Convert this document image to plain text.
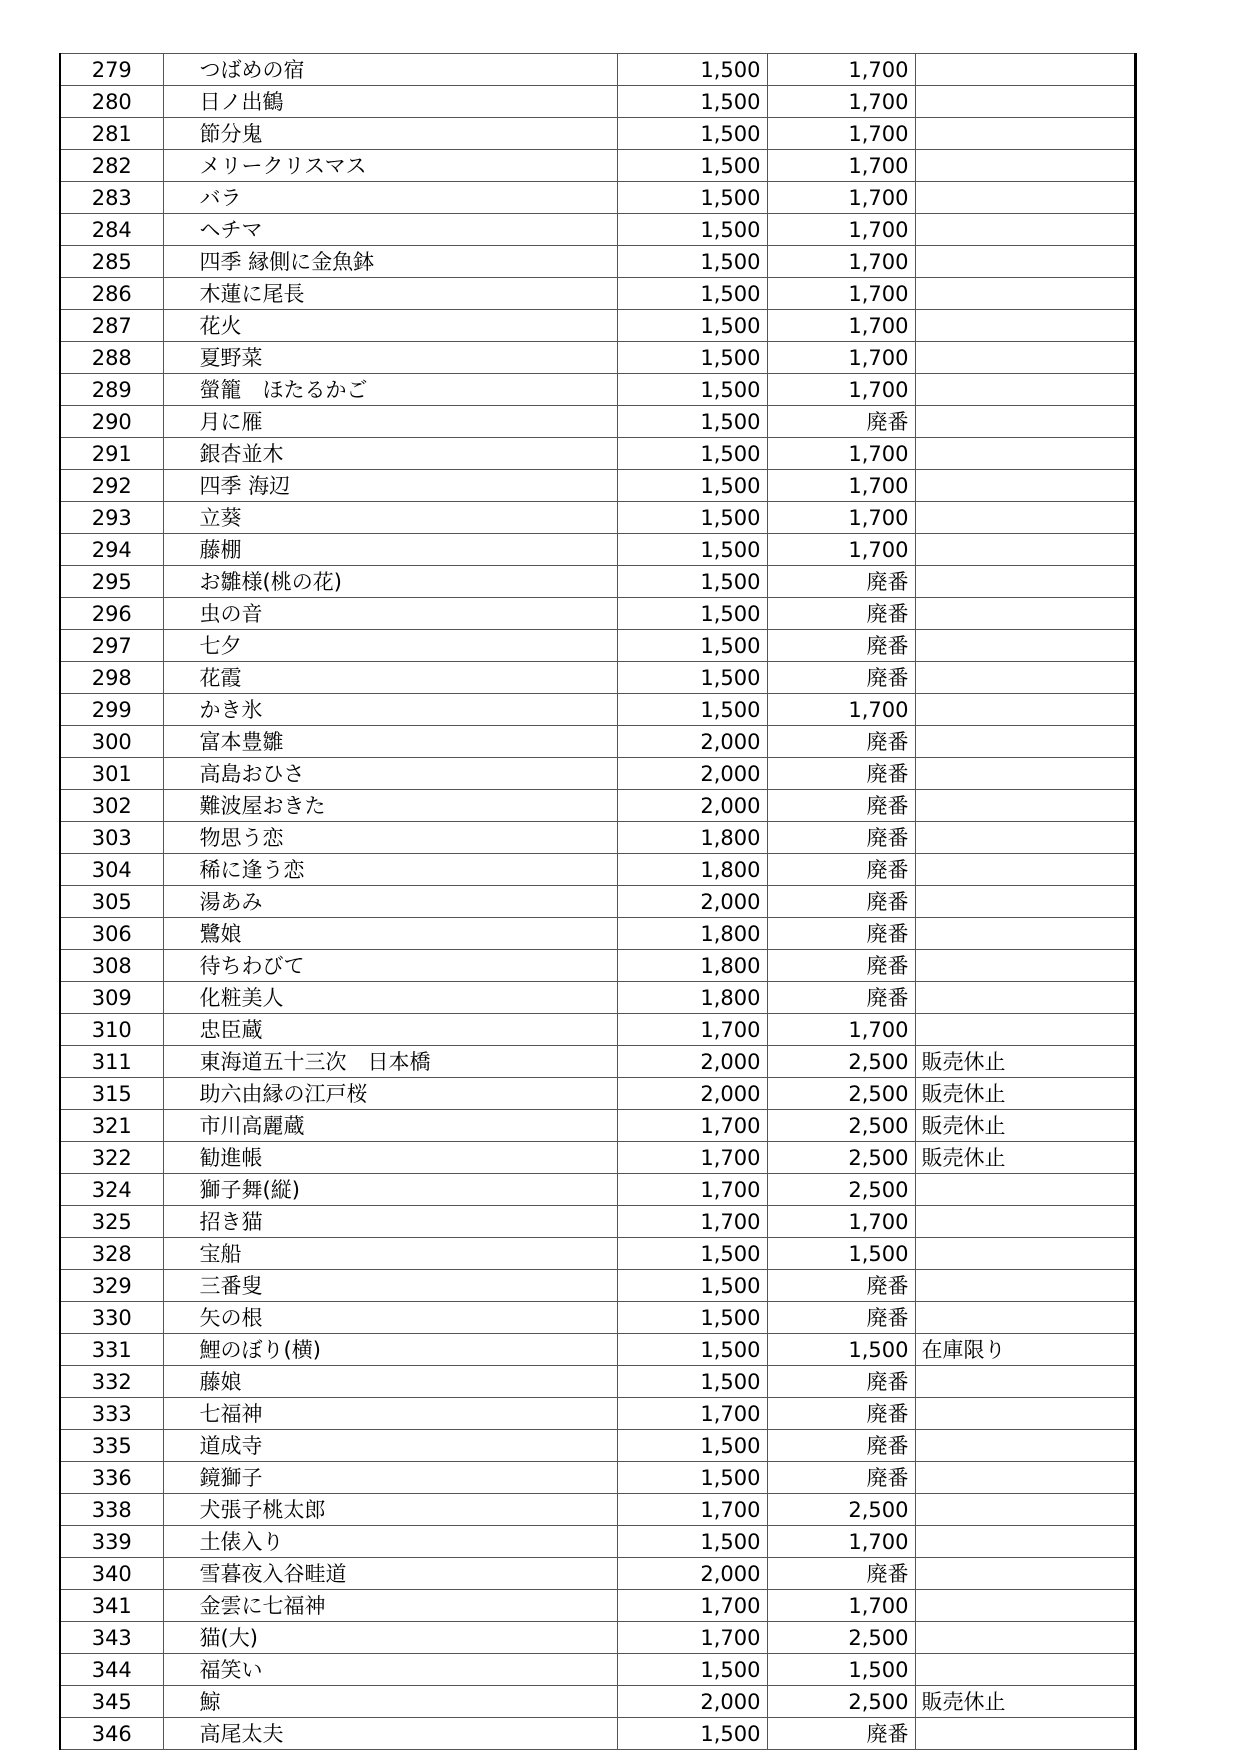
279	つばめの宿	1,500	1,700	
280	日ノ出鶴	1,500	1,700	
281	節分鬼	1,500	1,700	
282	メリークリスマス	1,500	1,700	
283	バラ	1,500	1,700	
284	ヘチマ	1,500	1,700	
285	四季 縁側に金魚鉢	1,500	1,700	
286	木蓮に尾長	1,500	1,700	
287	花火	1,500	1,700	
288	夏野菜	1,500	1,700	
289	螢籠　ほたるかご	1,500	1,700	
290	月に雁	1,500	廃番	
291	銀杏並木	1,500	1,700	
292	四季 海辺	1,500	1,700	
293	立葵	1,500	1,700	
294	藤棚	1,500	1,700	
295	お雛様(桃の花)	1,500	廃番	
296	虫の音	1,500	廃番	
297	七夕	1,500	廃番	
298	花霞	1,500	廃番	
299	かき氷	1,500	1,700	
300	富本豊雛	2,000	廃番	
301	高島おひさ	2,000	廃番	
302	難波屋おきた	2,000	廃番	
303	物思う恋	1,800	廃番	
304	稀に逢う恋	1,800	廃番	
305	湯あみ	2,000	廃番	
306	鷺娘	1,800	廃番	
308	待ちわびて	1,800	廃番	
309	化粧美人	1,800	廃番	
310	忠臣蔵	1,700	1,700	
311	東海道五十三次　日本橋	2,000	2,500	販売休止
315	助六由縁の江戸桜	2,000	2,500	販売休止
321	市川高麗蔵	1,700	2,500	販売休止
322	勧進帳	1,700	2,500	販売休止
324	獅子舞(縦)	1,700	2,500	
325	招き猫	1,700	1,700	
328	宝船	1,500	1,500	
329	三番叟	1,500	廃番	
330	矢の根	1,500	廃番	
331	鯉のぼり(横)	1,500	1,500	在庫限り
332	藤娘	1,500	廃番	
333	七福神	1,700	廃番	
335	道成寺	1,500	廃番	
336	鏡獅子	1,500	廃番	
338	犬張子桃太郎	1,700	2,500	
339	土俵入り	1,500	1,700	
340	雪暮夜入谷畦道	2,000	廃番	
341	金雲に七福神	1,700	1,700	
343	猫(大)	1,700	2,500	
344	福笑い	1,500	1,500	
345	鯨	2,000	2,500	販売休止
346	高尾太夫	1,500	廃番	
